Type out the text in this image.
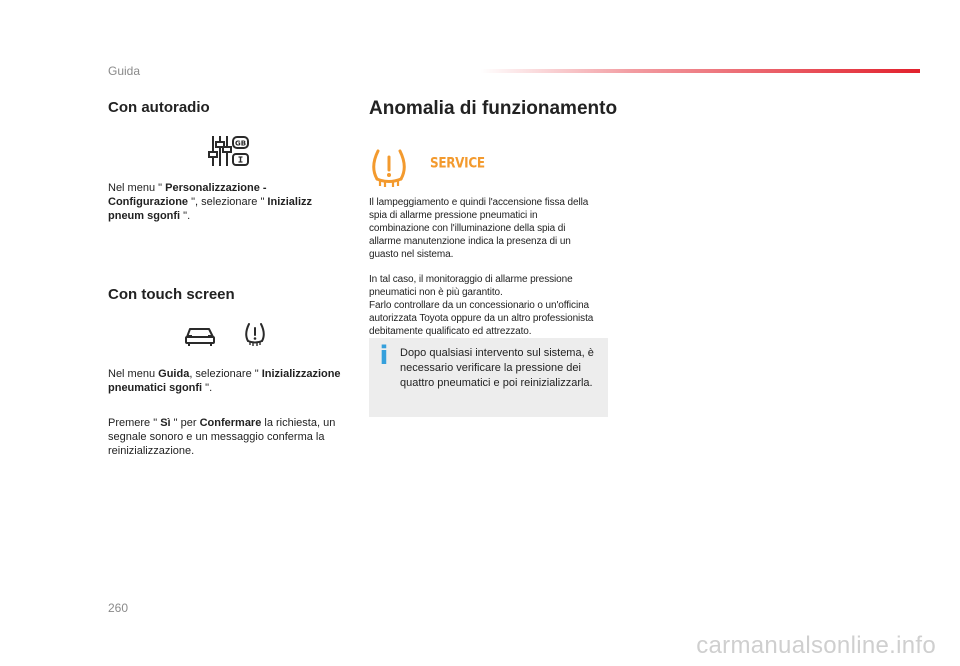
Guida
Con autoradio
GB
Nel menu " Personalizzazione - Configurazione ", selezionare " Inizializz pneum sgonfi ".
Con touch screen
Nel menu Guida, selezionare " Inizializzazione pneumatici sgonfi ".
Premere " Sì " per Confermare la richiesta, un segnale sonoro e un messaggio conferma la reinizializzazione.
Anomalia di funzionamento
SERVICE
Il lampeggiamento e quindi l'accensione fissa della spia di allarme pressione pneumatici in combinazione con l'illuminazione della spia di allarme manutenzione indica la presenza di un guasto nel sistema.
In tal caso, il monitoraggio di allarme pressione pneumatici non è più garantito.
Farlo controllare da un concessionario o un'officina autorizzata Toyota oppure da un altro professionista debitamente qualificato ed attrezzato.
i	Dopo qualsiasi intervento sul sistema, è necessario verificare la pressione dei quattro pneumatici e poi reinizializzarla.
260
carmanualsonline.info
